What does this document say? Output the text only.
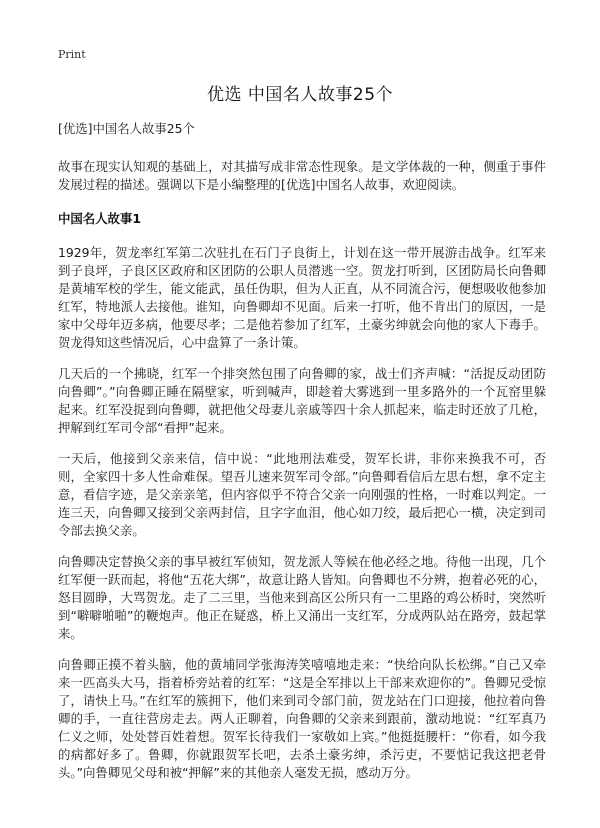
Print
优选 中国名人故事25个

[优选]中国名人故事25个

故事在现实认知观的基础上，对其描写成非常态性现象。是文学体裁的一种，侧重于事件发展过程的描述。强调以下是小编整理的[优选]中国名人故事，欢迎阅读。

中国名人故事1

1929年，贺龙率红军第二次驻扎在石门子良街上，计划在这一带开展游击战争。红军来到子良坪，子良区区政府和区团防的公职人员潜逃一空。贺龙打听到，区团防局长向鲁卿是黄埔军校的学生，能文能武，虽任伪职，但为人正直，从不同流合污，便想吸收他参加红军，特地派人去接他。谁知，向鲁卿却不见面。后来一打听，他不肯出门的原因，一是家中父母年迈多病，他要尽孝；二是他若参加了红军，土豪劣绅就会向他的家人下毒手。贺龙得知这些情况后，心中盘算了一条计策。

几天后的一个拂晓，红军一个排突然包围了向鲁卿的家，战士们齐声喊：“活捉反动团防向鲁卿”。”向鲁卿正睡在隔壁家，听到喊声，即趁着大雾逃到一里多路外的一个瓦窑里躲起来。红军没捉到向鲁卿，就把他父母妻儿亲戚等四十余人抓起来，临走时还放了几枪，押解到红军司令部“看押”起来。

一天后，他接到父亲来信，信中说：“此地刑法难受，贺军长讲，非你来换我不可，否则，全家四十多人性命难保。望吾儿速来贺军司令部。”向鲁卿看信后左思右想，拿不定主意，看信字迹，是父亲亲笔，但内容似乎不符合父亲一向刚强的性格，一时难以判定。一连三天，向鲁卿又接到父亲两封信，且字字血泪，他心如刀绞，最后把心一横，决定到司令部去换父亲。

向鲁卿决定替换父亲的事早被红军侦知，贺龙派人等候在他必经之地。待他一出现，几个红军便一跃而起，将他“五花大绑”，故意让路人皆知。向鲁卿也不分辨，抱着必死的心，怒目圆睁，大骂贺龙。走了二三里，当他来到高区公所只有一二里路的鸡公桥时，突然听到“噼噼啪啪”的鞭炮声。他正在疑惑，桥上又涌出一支红军，分成两队站在路旁，鼓起掌来。

向鲁卿正摸不着头脑，他的黄埔同学张海涛笑嘻嘻地走来：“快给向队长松绑。”自己又牵来一匹高头大马，指着桥旁站着的红军：“这是全军排以上干部来欢迎你的”。鲁卿兄受惊了，请快上马。”在红军的簇拥下，他们来到司令部门前，贺龙站在门口迎接，他拉着向鲁卿的手，一直往营房走去。两人正聊着，向鲁卿的父亲来到跟前，激动地说：“红军真乃仁义之师，处处替百姓着想。贺军长待我们一家敬如上宾。”他挺挺腰杆：“你看，如今我的病都好多了。鲁卿，你就跟贺军长吧，去杀土豪劣绅，杀污吏，不要惦记我这把老骨头。”向鲁卿见父母和被“押解”来的其他亲人毫发无损，感动万分。
